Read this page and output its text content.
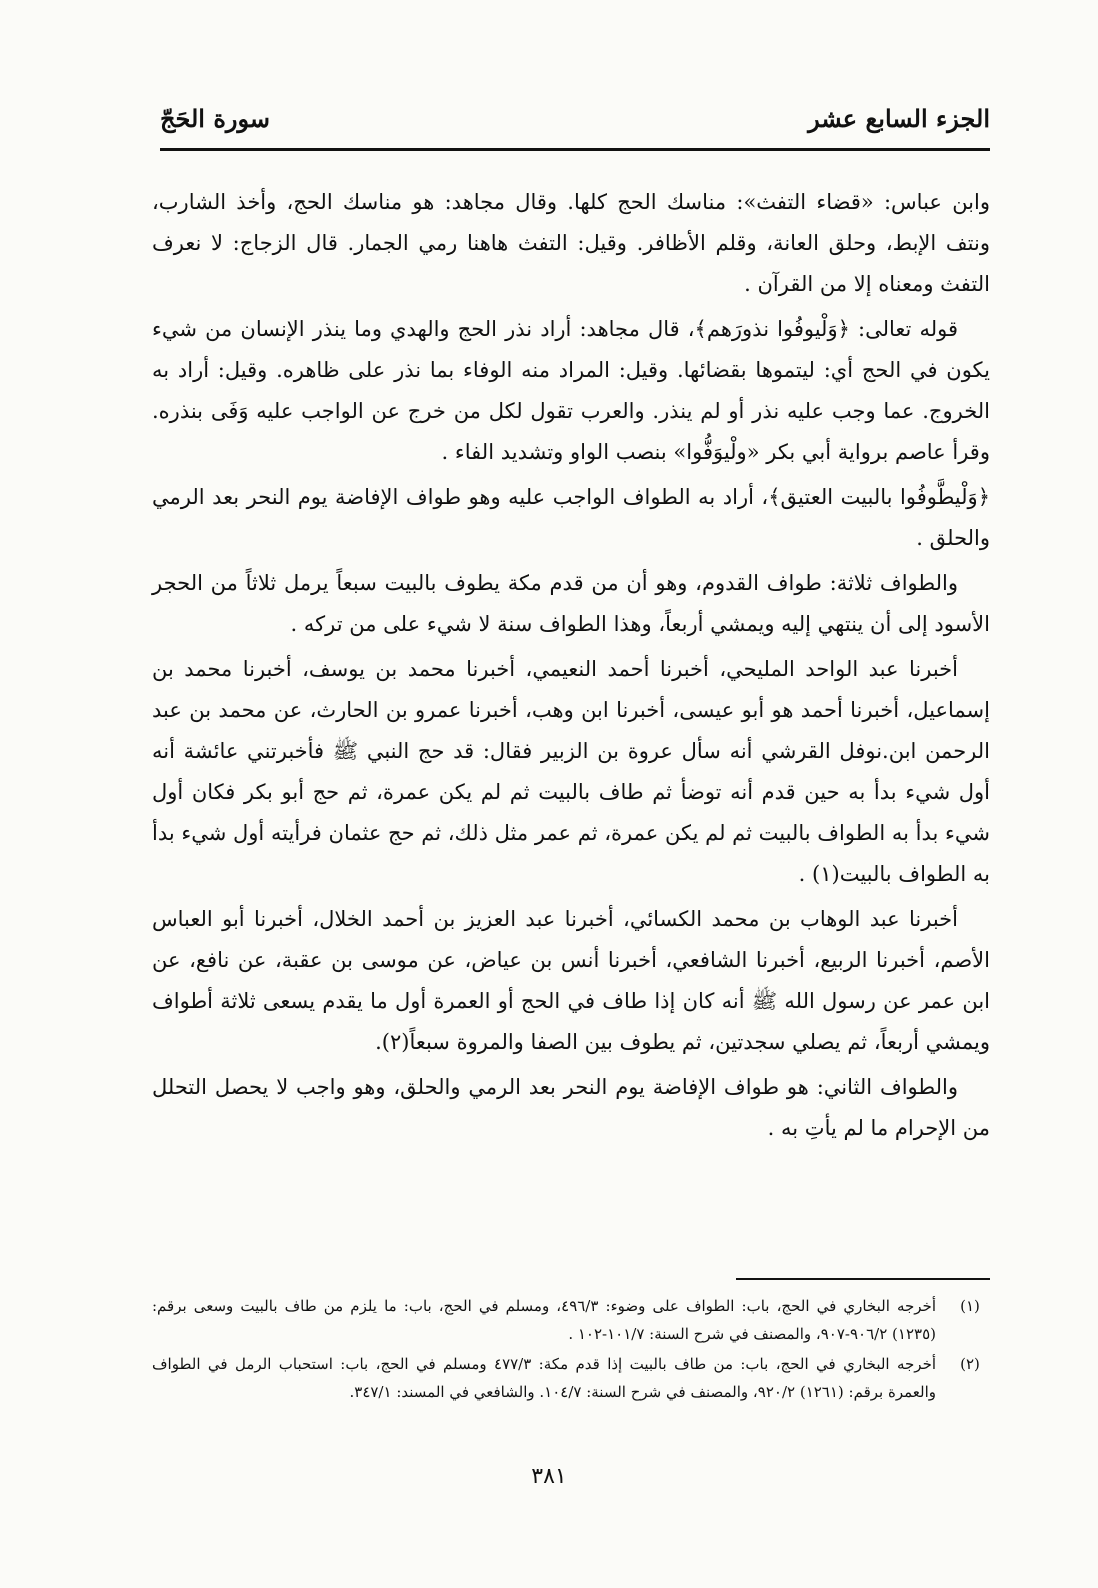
الجزء السابع عشر
سورة الحَجّ

وابن عباس: «قضاء التفث»: مناسك الحج كلها. وقال مجاهد: هو مناسك الحج، وأخذ الشارب، ونتف الإبط، وحلق العانة، وقلم الأظافر. وقيل: التفث هاهنا رمي الجمار. قال الزجاج: لا نعرف التفث ومعناه إلا من القرآن .

قوله تعالى: ﴿وَلْيوفُوا نذورَهم﴾، قال مجاهد: أراد نذر الحج والهدي وما ينذر الإنسان من شيء يكون في الحج أي: ليتموها بقضائها. وقيل: المراد منه الوفاء بما نذر على ظاهره. وقيل: أراد به الخروج. عما وجب عليه نذر أو لم ينذر. والعرب تقول لكل من خرج عن الواجب عليه وَفَى بنذره. وقرأ عاصم برواية أبي بكر «ولْيوَفُّوا» بنصب الواو وتشديد الفاء .

﴿وَلْيطَّوفُوا بالبيت العتيق﴾، أراد به الطواف الواجب عليه وهو طواف الإفاضة يوم النحر بعد الرمي والحلق .

والطواف ثلاثة: طواف القدوم، وهو أن من قدم مكة يطوف بالبيت سبعاً يرمل ثلاثاً من الحجر الأسود إلى أن ينتهي إليه ويمشي أربعاً، وهذا الطواف سنة لا شيء على من تركه .

أخبرنا عبد الواحد المليحي، أخبرنا أحمد النعيمي، أخبرنا محمد بن يوسف، أخبرنا محمد بن إسماعيل، أخبرنا أحمد هو أبو عيسى، أخبرنا ابن وهب، أخبرنا عمرو بن الحارث، عن محمد بن عبد الرحمن ابن.نوفل القرشي أنه سأل عروة بن الزبير فقال: قد حج النبي ﷺ فأخبرتني عائشة أنه أول شيء بدأ به حين قدم أنه توضأ ثم طاف بالبيت ثم لم يكن عمرة، ثم حج أبو بكر فكان أول شيء بدأ به الطواف بالبيت ثم لم يكن عمرة، ثم عمر مثل ذلك، ثم حج عثمان فرأيته أول شيء بدأ به الطواف بالبيت(١) .

أخبرنا عبد الوهاب بن محمد الكسائي، أخبرنا عبد العزيز بن أحمد الخلال، أخبرنا أبو العباس الأصم، أخبرنا الربيع، أخبرنا الشافعي، أخبرنا أنس بن عياض، عن موسى بن عقبة، عن نافع، عن ابن عمر عن رسول الله ﷺ أنه كان إذا طاف في الحج أو العمرة أول ما يقدم يسعى ثلاثة أطواف ويمشي أربعاً، ثم يصلي سجدتين، ثم يطوف بين الصفا والمروة سبعاً(٢).

والطواف الثاني: هو طواف الإفاضة يوم النحر بعد الرمي والحلق، وهو واجب لا يحصل التحلل من الإحرام ما لم يأتِ به .

(١)
أخرجه البخاري في الحج، باب: الطواف على وضوء: ٤٩٦/٣، ومسلم في الحج، باب: ما يلزم من طاف بالبيت وسعى برقم: (١٢٣٥) ٩٠٦/٢-٩٠٧، والمصنف في شرح السنة: ١٠١/٧-١٠٢ .
(٢)
أخرجه البخاري في الحج، باب: من طاف بالبيت إذا قدم مكة: ٤٧٧/٣ ومسلم في الحج، باب: استحباب الرمل في الطواف والعمرة برقم: (١٢٦١) ٩٢٠/٢، والمصنف في شرح السنة: ١٠٤/٧. والشافعي في المسند: ٣٤٧/١.
٣٨١
